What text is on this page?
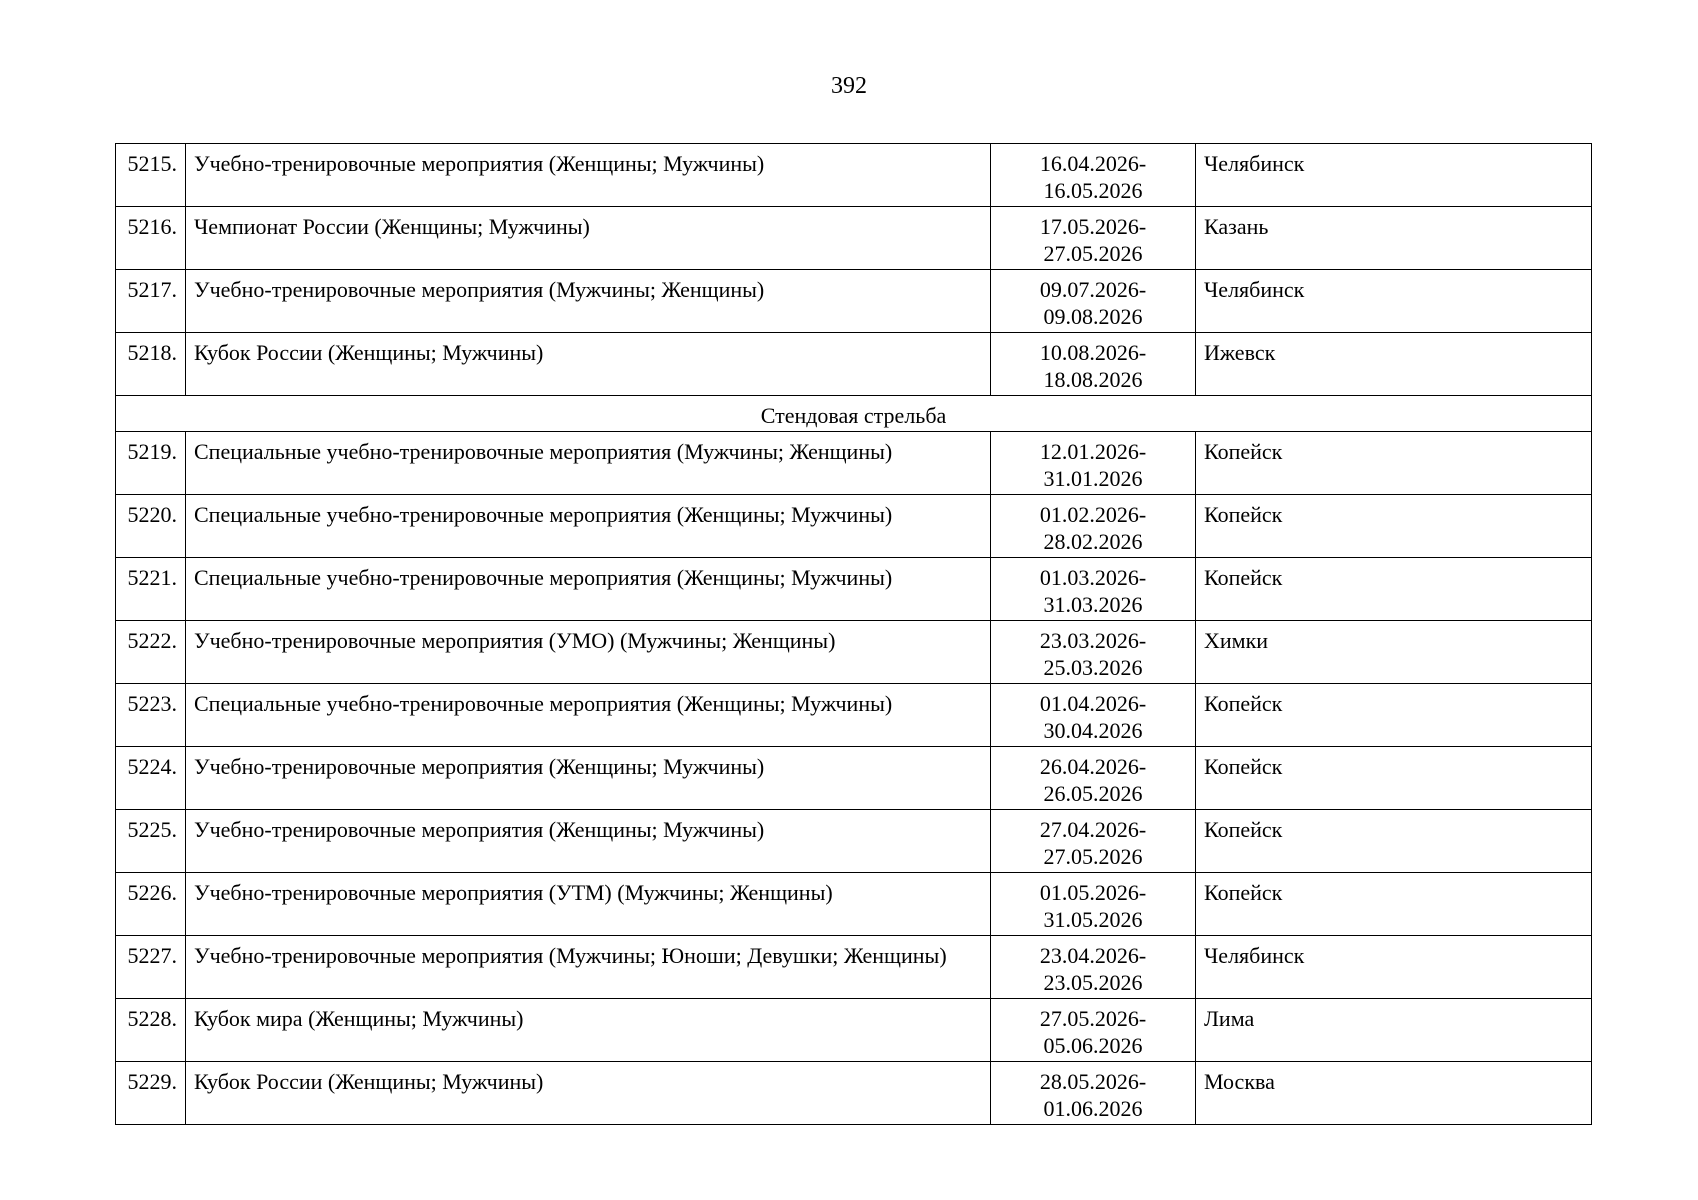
392
5215.	Учебно-тренировочные мероприятия (Женщины; Мужчины)	16.04.2026-
16.05.2026	Челябинск
5216.	Чемпионат России (Женщины; Мужчины)	17.05.2026-
27.05.2026	Казань
5217.	Учебно-тренировочные мероприятия (Мужчины; Женщины)	09.07.2026-
09.08.2026	Челябинск
5218.	Кубок России (Женщины; Мужчины)	10.08.2026-
18.08.2026	Ижевск
Стендовая стрельба			
5219.	Специальные учебно-тренировочные мероприятия (Мужчины; Женщины)	12.01.2026-
31.01.2026	Копейск
5220.	Специальные учебно-тренировочные мероприятия (Женщины; Мужчины)	01.02.2026-
28.02.2026	Копейск
5221.	Специальные учебно-тренировочные мероприятия (Женщины; Мужчины)	01.03.2026-
31.03.2026	Копейск
5222.	Учебно-тренировочные мероприятия (УМО) (Мужчины; Женщины)	23.03.2026-
25.03.2026	Химки
5223.	Специальные учебно-тренировочные мероприятия (Женщины; Мужчины)	01.04.2026-
30.04.2026	Копейск
5224.	Учебно-тренировочные мероприятия (Женщины; Мужчины)	26.04.2026-
26.05.2026	Копейск
5225.	Учебно-тренировочные мероприятия (Женщины; Мужчины)	27.04.2026-
27.05.2026	Копейск
5226.	Учебно-тренировочные мероприятия (УТМ) (Мужчины; Женщины)	01.05.2026-
31.05.2026	Копейск
5227.	Учебно-тренировочные мероприятия (Мужчины; Юноши; Девушки; Женщины)	23.04.2026-
23.05.2026	Челябинск
5228.	Кубок мира (Женщины; Мужчины)	27.05.2026-
05.06.2026	Лима
5229.	Кубок России (Женщины; Мужчины)	28.05.2026-
01.06.2026	Москва
